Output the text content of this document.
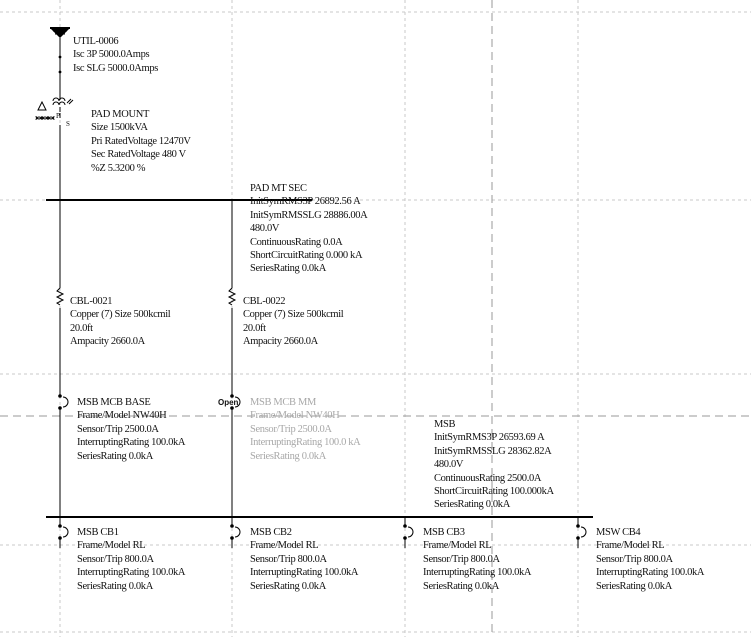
P
S
UTIL-0006
Isc 3P 5000.0Amps
Isc SLG 5000.0Amps
PAD MOUNT
Size 1500kVA
Pri RatedVoltage 12470V
Sec RatedVoltage 480 V
%Z 5.3200 %
PAD MT SEC
InitSymRMS3P 26892.56 A
InitSymRMSSLG 28886.00A
480.0V
ContinuousRating 0.0A
ShortCircuitRating 0.000 kA
SeriesRating 0.0kA
CBL-0021
Copper (7) Size 500kcmil
20.0ft
Ampacity 2660.0A
CBL-0022
Copper (7) Size 500kcmil
20.0ft
Ampacity 2660.0A
MSB MCB BASE
Frame/Model NW40H
Sensor/Trip 2500.0A
InterruptingRating 100.0kA
SeriesRating 0.0kA
Open MSB MCB MM
Frame/Model NW40H
Sensor/Trip 2500.0A
InterruptingRating 100.0 kA
SeriesRating 0.0kA
MSB
InitSymRMS3P 26593.69 A
InitSymRMSSLG 28362.82A
480.0V
ContinuousRating 2500.0A
ShortCircuitRating 100.000kA
SeriesRating 0.0kA
MSB CB1
Frame/Model RL
Sensor/Trip 800.0A
InterruptingRating 100.0kA
SeriesRating 0.0kA
MSB CB2
Frame/Model RL
Sensor/Trip 800.0A
InterruptingRating 100.0kA
SeriesRating 0.0kA
MSB CB3
Frame/Model RL
Sensor/Trip 800.0A
InterruptingRating 100.0kA
SeriesRating 0.0kA
MSW CB4
Frame/Model RL
Sensor/Trip 800.0A
InterruptingRating 100.0kA
SeriesRating 0.0kA
